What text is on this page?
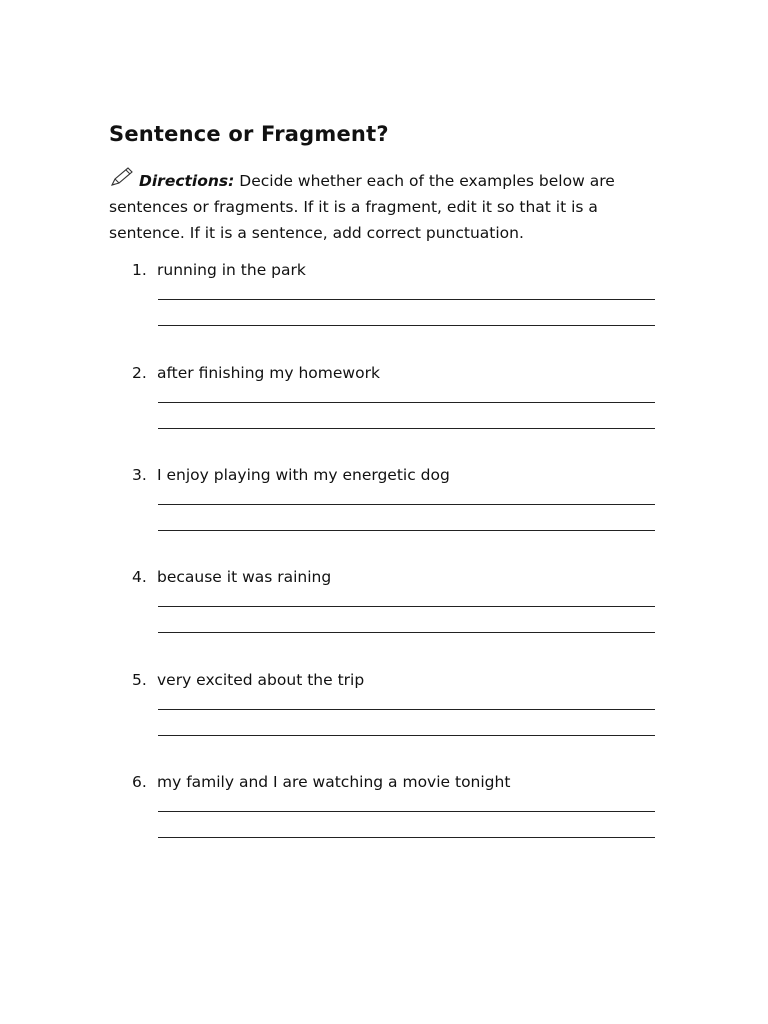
Sentence or Fragment?
Directions: Decide whether each of the examples below are
sentences or fragments. If it is a fragment, edit it so that it is a
sentence. If it is a sentence, add correct punctuation.
1. running in the park
2. after finishing my homework
3. I enjoy playing with my energetic dog
4. because it was raining
5. very excited about the trip
6. my family and I are watching a movie tonight
